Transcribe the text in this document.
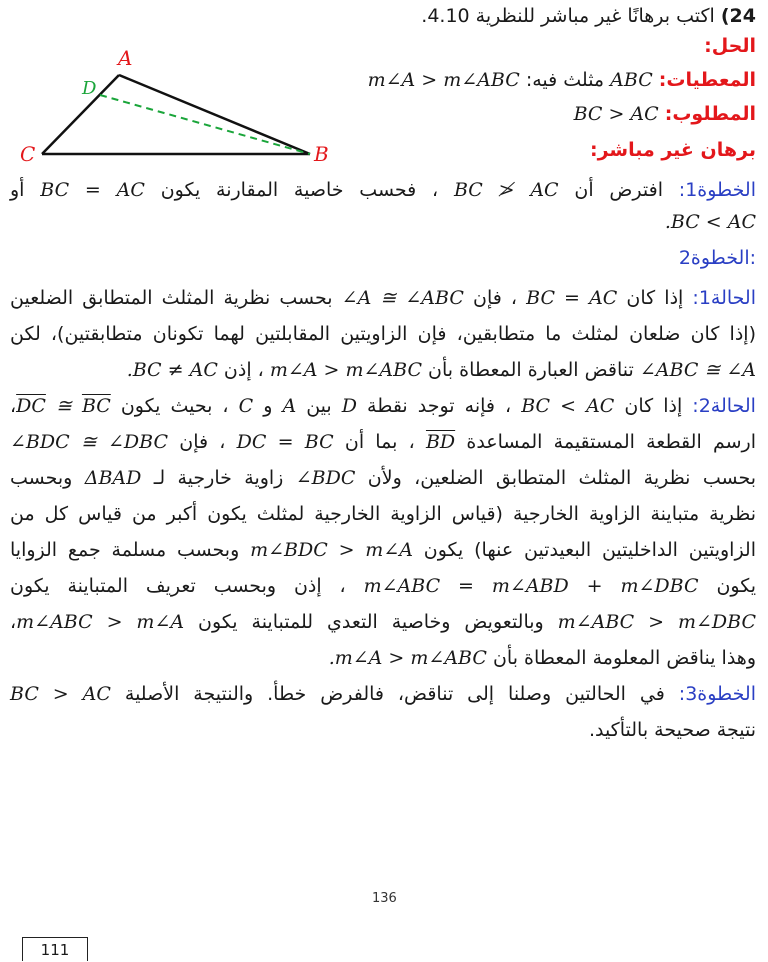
24) اكتب برهانًا غير مباشر للنظرية 4.10.
الحل:
A
D
C	B
المعطيات: ABC مثلث فيه: m∠A > m∠ABC
المطلوب: BC > AC
برهان غير مباشر:
الخطوة1: افترض أن BC ≯ AC ، فحسب خاصية المقارنة يكون BC = AC أو
.BC < AC
:الخطوة2
الحالة1: إذا كان BC = AC ، فإن ∠A ≅ ∠ABC بحسب نظرية المثلث المتطابق الضلعين
(إذا كان ضلعان لمثلث ما متطابقين، فإن الزاويتين المقابلتين لهما تكونان متطابقتين)، لكن
∠ABC ≅ ∠A تناقض العبارة المعطاة بأن m∠A > m∠ABC ، إذن .BC ≠ AC
الحالة2: إذا كان BC < AC ، فإنه توجد نقطة D بين A و C ، بحيث يكون $\overline{DC}$ ≅ $\overline{BC}،$
ارسم القطعة المستقيمة المساعدة $\overline{BD}$ ، بما أن DC = BC ، فإن ∠BDC ≅ ∠DBC
بحسب نظرية المثلث المتطابق الضلعين، ولأن ∠BDC زاوية خارجية لـ ΔBAD وبحسب
نظرية متباينة الزاوية الخارجية (قياس الزاوية الخارجية لمثلث يكون أكبر من قياس كل من
الزاويتين الداخليتين البعيدتين عنها) يكون m∠BDC > m∠A وبحسب مسلمة جمع الزوايا
يكون m∠ABC = m∠ABD + m∠DBC ، إذن وبحسب تعريف المتباينة يكون
m∠ABC > m∠DBC وبالتعويض وخاصية التعدي للمتباينة يكون m∠ABC > m∠A،
وهذا يناقض المعلومة المعطاة بأن .m∠A > m∠ABC
الخطوة3: في الحالتين وصلنا إلى تناقض، فالفرض خطأ. والنتيجة الأصلية BC > AC
نتيجة صحيحة بالتأكيد.
136
111
